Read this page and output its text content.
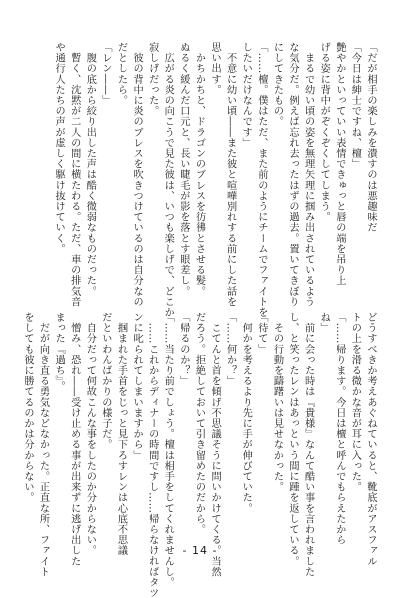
「だが相手の楽しみを潰すのは悪趣味だ

「今日は紳士ですね、檀」

艶やかといっていい表情できゅっと唇の端を吊り上

げる姿に背中がぞくぞくしてしまう。

　まるで幼い頃の姿を無理矢理に掴み出されているよう

な気分だ。例えば忘れ去ったはずの過去。置いてきぼり

にしてきたもの。

「……檀。僕はただ、また前のようにチームでファイトを

したいだけなんです」

　不意に幼い頃――また彼と喧嘩別れする前にした話を

思い出す。

　かちかちと、ドラゴンのブレスを彷彿とさせる髪。

ぬるく緩んだ口元と、長い睫毛が影を落とす眼差し。

　広がる炎の向こうで見た彼は、いつも楽しげで、どこか

寂しげだった。

　彼の背中に炎のブレスを吹きつけているのは自分なの

だとしたら。

「レン――」

　腹の底から絞り出した声は酷く微弱なものだった。

　暫く、沈黙が二人の間に横たわる。ただ、車の排気音

や通行人たちの声が虚しく駆け抜けていく。

どうすべきか考えあぐねていると、靴底がアスファル

トの上を滑る微かな音が耳に入った。

「……帰ります。今日は檀と呼んでもらえたから

ね」

　前に会った時は『貴様』なんて酷い事を言われました

し、と笑ったレンはあっという間に踵を返している。

　その行動を躊躇いは見せなかった。

「待て」

　何かを考えるより先に手が伸びていた。

「……何か？」

　こてんと首を傾げ不思議そうに問いかけてくる。当然

だろう。拒絶しておいて引き留めたのだから。

「帰るのか？」

「……当たり前でしょう。檀は相手をしてくれませんし。

　……これからディナーの時間ですし……帰らなければタツ

ンに叱られてしまいますから」

　掴まれた手首をじっと見下ろすレンは心底不思議

だといわんばかりの様子だ。

　自分だって何故こんな事をしたのか分からない。

　憎み、恐れ――受け止める事が出来ずに逃げ出した

まった『過ち』。

　だが向き直る勇気などなかった。正直な所、ファイト

をしても彼に勝てるのかは分からない。

- 14 -
